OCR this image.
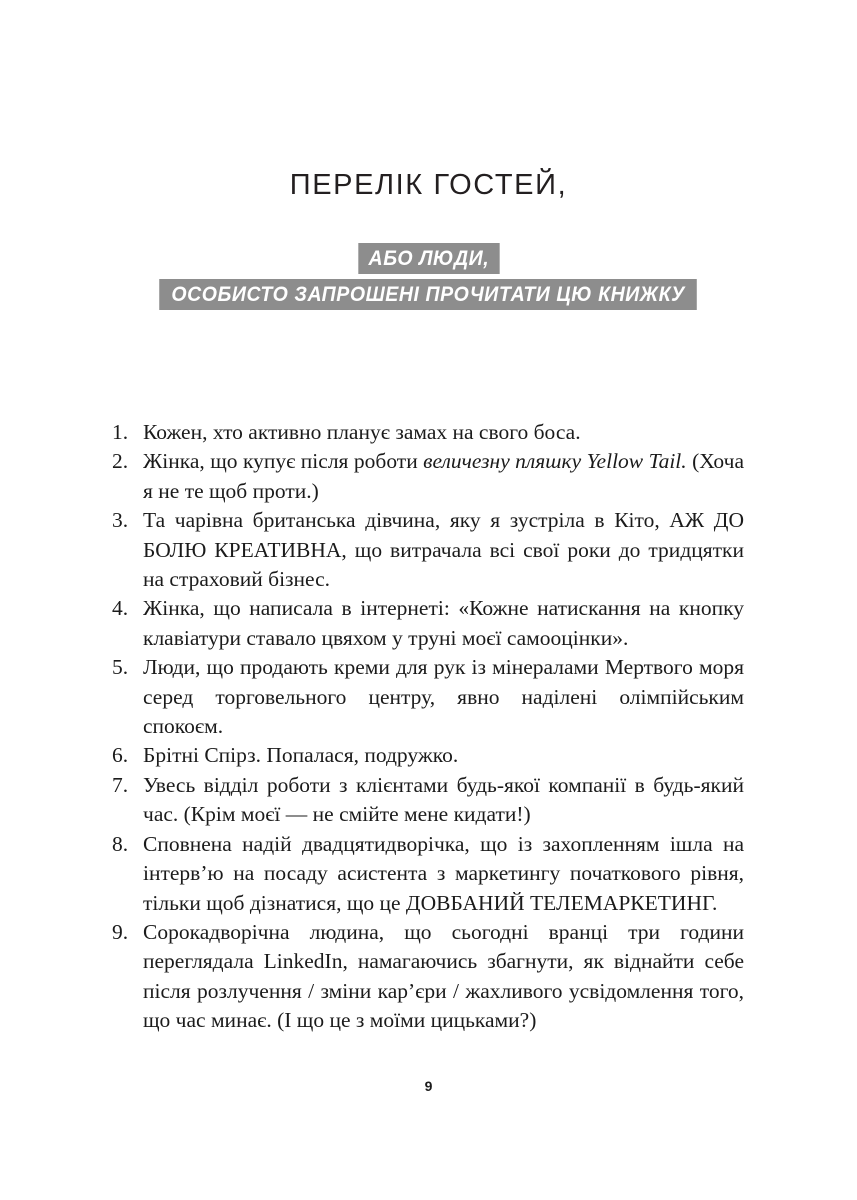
ПЕРЕЛІК ГОСТЕЙ,
АБО ЛЮДИ,
ОСОБИСТО ЗАПРОШЕНІ ПРОЧИТАТИ ЦЮ КНИЖКУ
1. Кожен, хто активно планує замах на свого боса.
2. Жінка, що купує після роботи величезну пляшку Yellow Tail. (Хоча я не те щоб проти.)
3. Та чарівна британська дівчина, яку я зустріла в Кіто, АЖ ДО БОЛЮ КРЕАТИВНА, що витрачала всі свої роки до тридцятки на страховий бізнес.
4. Жінка, що написала в інтернеті: «Кожне натискання на кнопку клавіатури ставало цвяхом у труні моєї самооцінки».
5. Люди, що продають креми для рук із мінералами Мертвого моря серед торговельного центру, явно наділені олімпійським спокоєм.
6. Брітні Спірз. Попалася, подружко.
7. Увесь відділ роботи з клієнтами будь-якої компанії в будь-який час. (Крім моєї — не смійте мене кидати!)
8. Сповнена надій двадцятидворічка, що із захопленням ішла на інтерв’ю на посаду асистента з маркетингу початкового рівня, тільки щоб дізнатися, що це ДОВБАНИЙ ТЕЛЕМАРКЕТИНГ.
9. Сорокадворічна людина, що сьогодні вранці три години переглядала LinkedIn, намагаючись збагнути, як віднайти себе після розлучення / зміни кар’єри / жахливого усвідомлення того, що час минає. (І що це з моїми цицьками?)
9
